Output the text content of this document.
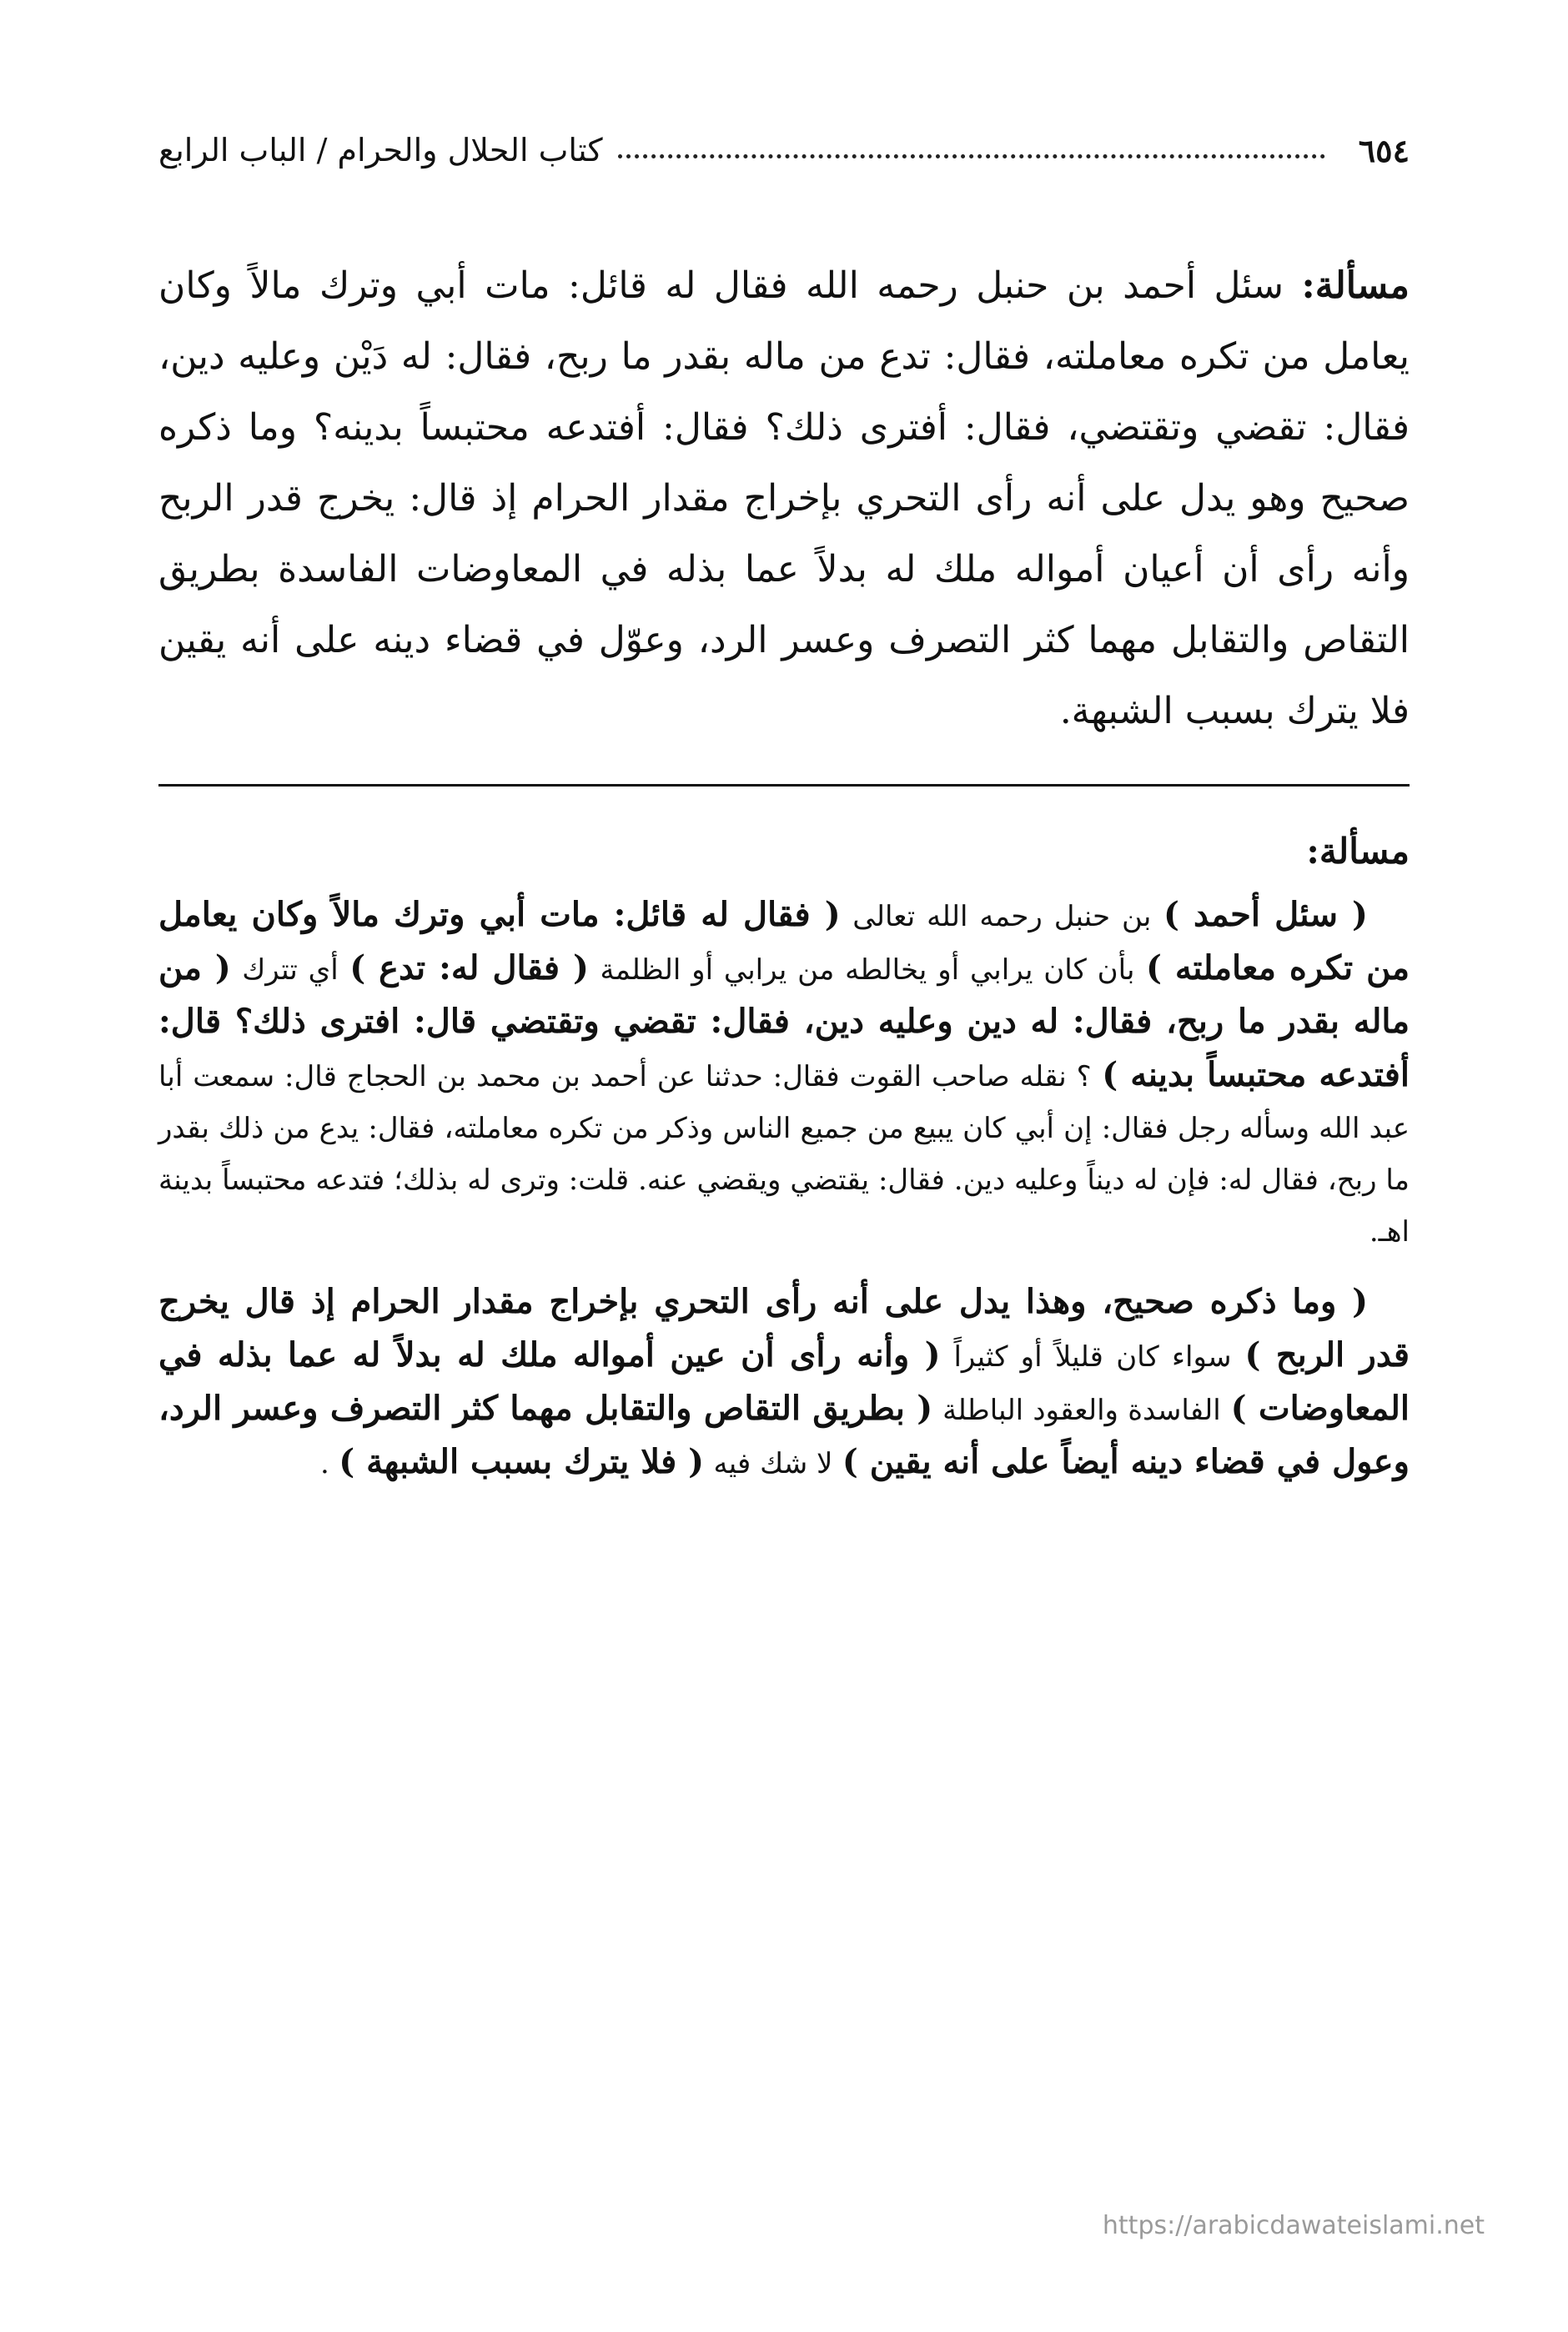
٦٥٤
كتاب الحلال والحرام / الباب الرابع
مسألة: سئل أحمد بن حنبل رحمه الله فقال له قائل: مات أبي وترك مالاً وكان يعامل من تكره معاملته، فقال: تدع من ماله بقدر ما ربح، فقال: له دَيْن وعليه دين، فقال: تقضي وتقتضي، فقال: أفترى ذلك؟ فقال: أفتدعه محتبساً بدينه؟ وما ذكره صحيح وهو يدل على أنه رأى التحري بإخراج مقدار الحرام إذ قال: يخرج قدر الربح وأنه رأى أن أعيان أمواله ملك له بدلاً عما بذله في المعاوضات الفاسدة بطريق التقاص والتقابل مهما كثر التصرف وعسر الرد، وعوّل في قضاء دينه على أنه يقين فلا يترك بسبب الشبهة.
مسألة:

( سئل أحمد ) بن حنبل رحمه الله تعالى ( فقال له قائل: مات أبي وترك مالاً وكان يعامل من تكره معاملته ) بأن كان يرابي أو يخالطه من يرابي أو الظلمة ( فقال له: تدع ) أي تترك ( من ماله بقدر ما ربح، فقال: له دين وعليه دين، فقال: تقضي وتقتضي قال: افترى ذلك؟ قال: أفتدعه محتبساً بدينه ) ؟ نقله صاحب القوت فقال: حدثنا عن أحمد بن محمد بن الحجاج قال: سمعت أبا عبد الله وسأله رجل فقال: إن أبي كان يبيع من جميع الناس وذكر من تكره معاملته، فقال: يدع من ذلك بقدر ما ربح، فقال له: فإن له ديناً وعليه دين. فقال: يقتضي ويقضي عنه. قلت: وترى له بذلك؛ فتدعه محتبساً بدينة اهـ.

( وما ذكره صحيح، وهذا يدل على أنه رأى التحري بإخراج مقدار الحرام إذ قال يخرج قدر الربح ) سواء كان قليلاً أو كثيراً ( وأنه رأى أن عين أمواله ملك له بدلاً له عما بذله في المعاوضات ) الفاسدة والعقود الباطلة ( بطريق التقاص والتقابل مهما كثر التصرف وعسر الرد، وعول في قضاء دينه أيضاً على أنه يقين ) لا شك فيه ( فلا يترك بسبب الشبهة ) .

https://arabicdawateislami.net
